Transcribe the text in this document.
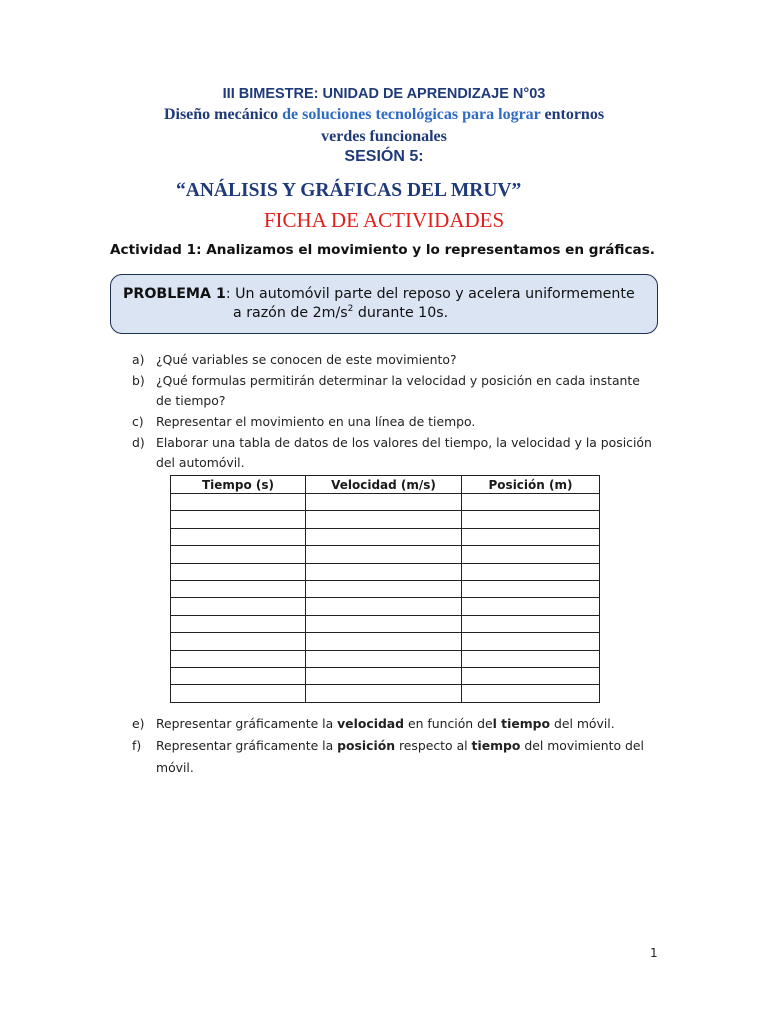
III BIMESTRE: UNIDAD DE APRENDIZAJE N°03
Diseño mecánico de soluciones tecnológicas para lograr entornos
verdes funcionales
SESIÓN 5:
“ANÁLISIS Y GRÁFICAS DEL MRUV”
FICHA DE ACTIVIDADES
Actividad 1: Analizamos el movimiento y lo representamos en gráficas.
PROBLEMA 1: Un automóvil parte del reposo y acelera uniformemente
a razón de $2m/s^2$ durante 10s.
a) ¿Qué variables se conocen de este movimiento?
b) ¿Qué formulas permitirán determinar la velocidad y posición en cada instante
de tiempo?
c) Representar el movimiento en una línea de tiempo.
d) Elaborar una tabla de datos de los valores del tiempo, la velocidad y la posición
del automóvil.
Tiempo (s)	Velocidad (m/s)	Posición (m)

e) Representar gráficamente la velocidad en función del tiempo del móvil.
f) Representar gráficamente la posición respecto al tiempo del movimiento del
móvil.
1
